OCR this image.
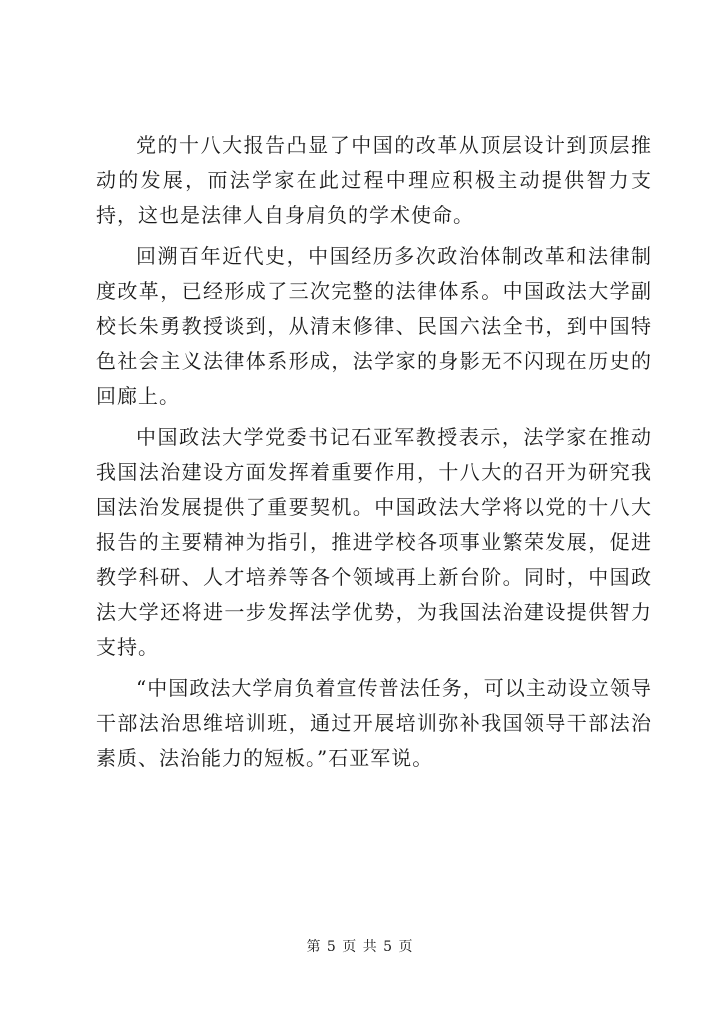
党的十八大报告凸显了中国的改革从顶层设计到顶层推动的发展，而法学家在此过程中理应积极主动提供智力支持，这也是法律人自身肩负的学术使命。

回溯百年近代史，中国经历多次政治体制改革和法律制度改革，已经形成了三次完整的法律体系。中国政法大学副校长朱勇教授谈到，从清末修律、民国六法全书，到中国特色社会主义法律体系形成，法学家的身影无不闪现在历史的回廊上。

中国政法大学党委书记石亚军教授表示，法学家在推动我国法治建设方面发挥着重要作用，十八大的召开为研究我国法治发展提供了重要契机。中国政法大学将以党的十八大报告的主要精神为指引，推进学校各项事业繁荣发展，促进教学科研、人才培养等各个领域再上新台阶。同时，中国政法大学还将进一步发挥法学优势，为我国法治建设提供智力支持。

“中国政法大学肩负着宣传普法任务，可以主动设立领导干部法治思维培训班，通过开展培训弥补我国领导干部法治素质、法治能力的短板。”石亚军说。

第 5 页 共 5 页
